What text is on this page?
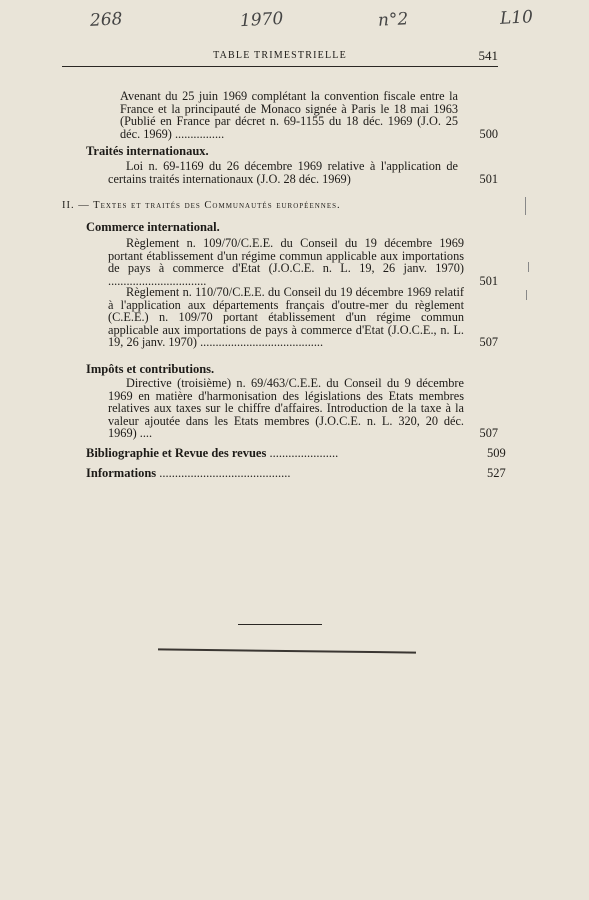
268	1970	n°2	L10
TABLE TRIMESTRIELLE	541
Avenant du 25 juin 1969 complétant la convention fiscale entre la France et la principauté de Monaco signée à Paris le 18 mai 1963 (Publié en France par décret n. 69-1155 du 18 déc. 1969 (J.O. 25 déc. 1969) ................	500
Traités internationaux.
Loi n. 69-1169 du 26 décembre 1969 relative à l'application de certains traités internationaux (J.O. 28 déc. 1969)	501
II. — Textes et traités des Communautés européennes.
Commerce international.
Règlement n. 109/70/C.E.E. du Conseil du 19 décembre 1969 portant établissement d'un régime commun applicable aux importations de pays à commerce d'Etat (J.O.C.E. n. L. 19, 26 janv. 1970) ................................	501
Règlement n. 110/70/C.E.E. du Conseil du 19 décembre 1969 relatif à l'application aux départements français d'outre-mer du règlement (C.E.E.) n. 109/70 portant établissement d'un régime commun applicable aux importations de pays à commerce d'Etat (J.O.C.E., n. L. 19, 26 janv. 1970) ........................................	507
Impôts et contributions.
Directive (troisième) n. 69/463/C.E.E. du Conseil du 9 décembre 1969 en matière d'harmonisation des législations des Etats membres relatives aux taxes sur le chiffre d'affaires. Introduction de la taxe à la valeur ajoutée dans les Etats membres (J.O.C.E. n. L. 320, 20 déc. 1969) ....	507
Bibliographie et Revue des revues ......................	509
Informations ..........................................	527
